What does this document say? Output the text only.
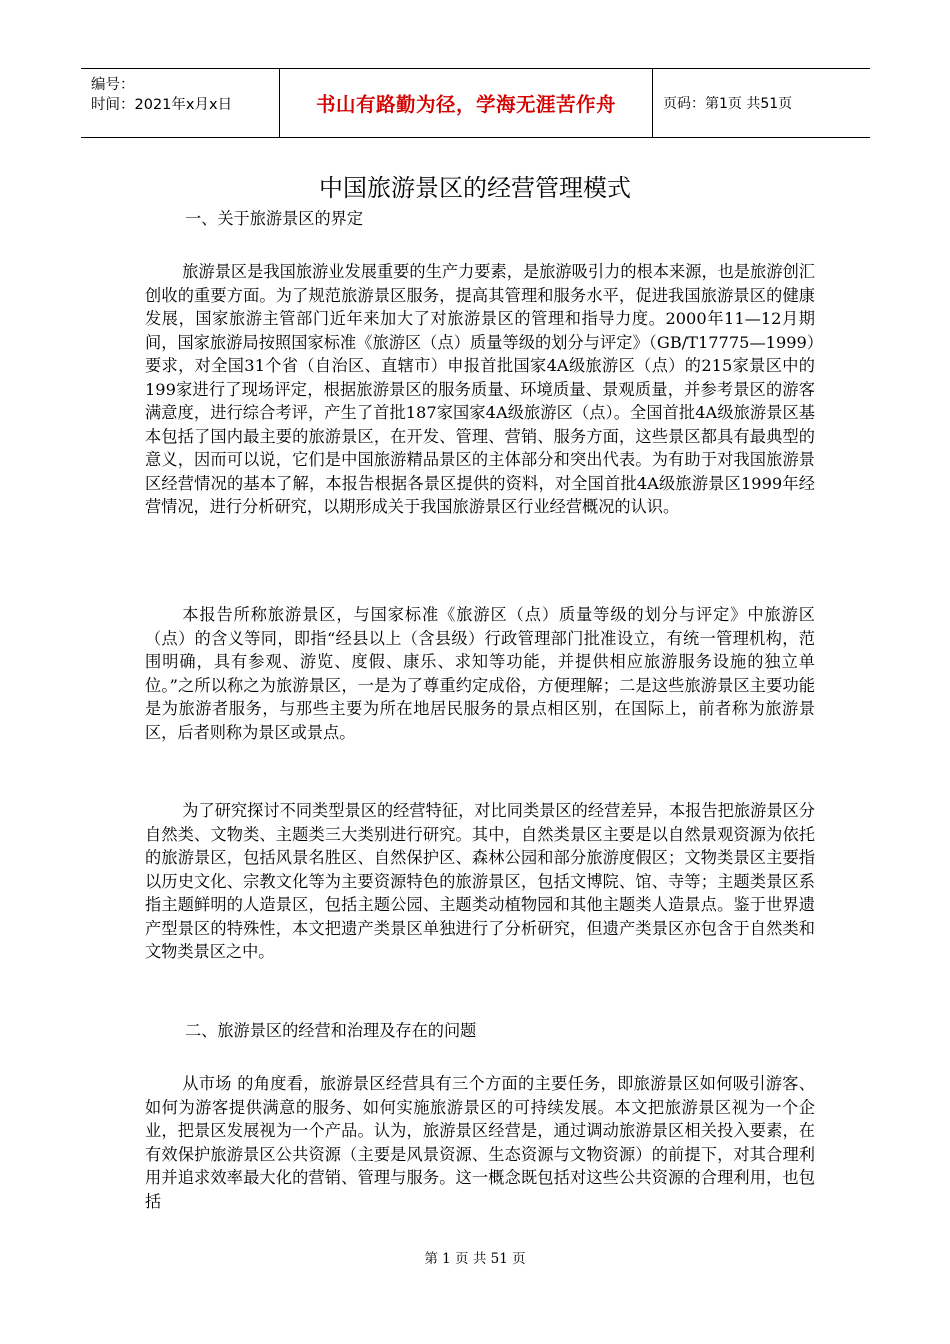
编号：
时间：2021年x月x日	书山有路勤为径，学海无涯苦作舟	页码：第1页 共51页
中国旅游景区的经营管理模式
一、关于旅游景区的界定
旅游景区是我国旅游业发展重要的生产力要素，是旅游吸引力的根本来源，也是旅游创汇创收的重要方面。为了规范旅游景区服务，提高其管理和服务水平，促进我国旅游景区的健康发展，国家旅游主管部门近年来加大了对旅游景区的管理和指导力度。2000年11—12月期间，国家旅游局按照国家标准《旅游区（点）质量等级的划分与评定》（GB/T17775—1999）要求，对全国31个省（自治区、直辖市）申报首批国家4A级旅游区（点）的215家景区中的199家进行了现场评定，根据旅游景区的服务质量、环境质量、景观质量，并参考景区的游客满意度，进行综合考评，产生了首批187家国家4A级旅游区（点）。全国首批4A级旅游景区基本包括了国内最主要的旅游景区，在开发、管理、营销、服务方面，这些景区都具有最典型的意义，因而可以说，它们是中国旅游精品景区的主体部分和突出代表。为有助于对我国旅游景区经营情况的基本了解，本报告根据各景区提供的资料，对全国首批4A级旅游景区1999年经营情况，进行分析研究，以期形成关于我国旅游景区行业经营概况的认识。
本报告所称旅游景区，与国家标准《旅游区（点）质量等级的划分与评定》中旅游区（点）的含义等同，即指“经县以上（含县级）行政管理部门批准设立，有统一管理机构，范围明确，具有参观、游览、度假、康乐、求知等功能，并提供相应旅游服务设施的独立单位。”之所以称之为旅游景区，一是为了尊重约定成俗，方便理解；二是这些旅游景区主要功能是为旅游者服务，与那些主要为所在地居民服务的景点相区别，在国际上，前者称为旅游景区，后者则称为景区或景点。
为了研究探讨不同类型景区的经营特征，对比同类景区的经营差异，本报告把旅游景区分自然类、文物类、主题类三大类别进行研究。其中，自然类景区主要是以自然景观资源为依托的旅游景区，包括风景名胜区、自然保护区、森林公园和部分旅游度假区；文物类景区主要指以历史文化、宗教文化等为主要资源特色的旅游景区，包括文博院、馆、寺等；主题类景区系指主题鲜明的人造景区，包括主题公园、主题类动植物园和其他主题类人造景点。鉴于世界遗产型景区的特殊性，本文把遗产类景区单独进行了分析研究，但遗产类景区亦包含于自然类和文物类景区之中。
二、旅游景区的经营和治理及存在的问题
从市场 的角度看，旅游景区经营具有三个方面的主要任务，即旅游景区如何吸引游客、如何为游客提供满意的服务、如何实施旅游景区的可持续发展。本文把旅游景区视为一个企业，把景区发展视为一个产品。认为，旅游景区经营是，通过调动旅游景区相关投入要素，在有效保护旅游景区公共资源（主要是风景资源、生态资源与文物资源）的前提下，对其合理利用并追求效率最大化的营销、管理与服务。这一概念既包括对这些公共资源的合理利用，也包括
第 1 页 共 51 页
